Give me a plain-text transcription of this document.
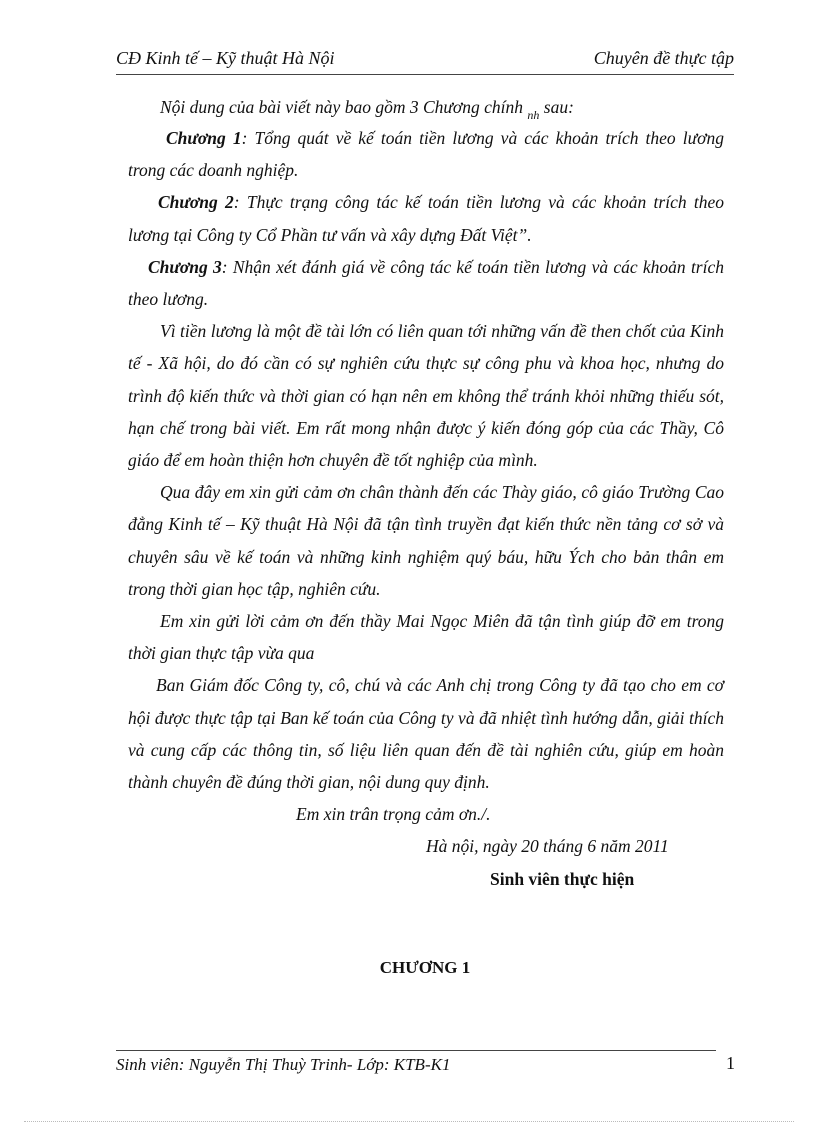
CĐ Kinh tế – Kỹ thuật Hà Nội	Chuyên đề thực tập

Nội dung của bài viết này bao gồm 3 Chương chính $_{nh}$ sau:

Chương 1: Tổng quát về kế toán tiền lương và các khoản trích theo lương trong các doanh nghiệp.

Chương 2: Thực trạng công tác kế toán tiền lương và các khoản trích theo lương tại Công ty Cổ Phần tư vấn và xây dựng Đất Việt”.

Chương 3: Nhận xét đánh giá về công tác kế toán tiền lương và các khoản trích theo lương.

Vì tiền lương là một đề tài lớn có liên quan tới những vấn đề then chốt của Kinh tế - Xã hội, do đó cần có sự nghiên cứu thực sự công phu và khoa học, nhưng do trình độ kiến thức và thời gian có hạn nên em không thể tránh khỏi những thiếu sót, hạn chế trong bài viết. Em rất mong nhận được ý kiến đóng góp của các Thầy, Cô giáo để em hoàn thiện hơn chuyên đề tốt nghiệp của mình.

Qua đây em xin gửi cảm ơn chân thành đến các Thày giáo, cô giáo Trường Cao đẳng Kinh tế – Kỹ thuật Hà Nội đã tận tình truyền đạt kiến thức nền tảng cơ sở và chuyên sâu về kế toán và những kinh nghiệm quý báu, hữu Ých cho bản thân em trong thời gian học tập, nghiên cứu.

Em xin gửi lời cảm ơn đến thầy Mai Ngọc Miên đã tận tình giúp đỡ em trong thời gian thực tập vừa qua

Ban Giám đốc Công ty, cô, chú và các Anh chị trong Công ty đã tạo cho em cơ hội được thực tập tại Ban kế toán của Công ty và đã nhiệt tình hướng dẫn, giải thích và cung cấp các thông tin, số liệu liên quan đến đề tài nghiên cứu, giúp em hoàn thành chuyên đề đúng thời gian, nội dung quy định.

Em xin trân trọng cảm ơn./.

Hà nội, ngày 20 tháng 6 năm 2011

Sinh viên thực hiện

CHƯƠNG 1
Sinh viên: Nguyễn Thị Thuỳ Trinh- Lớp: KTB-K1	1
